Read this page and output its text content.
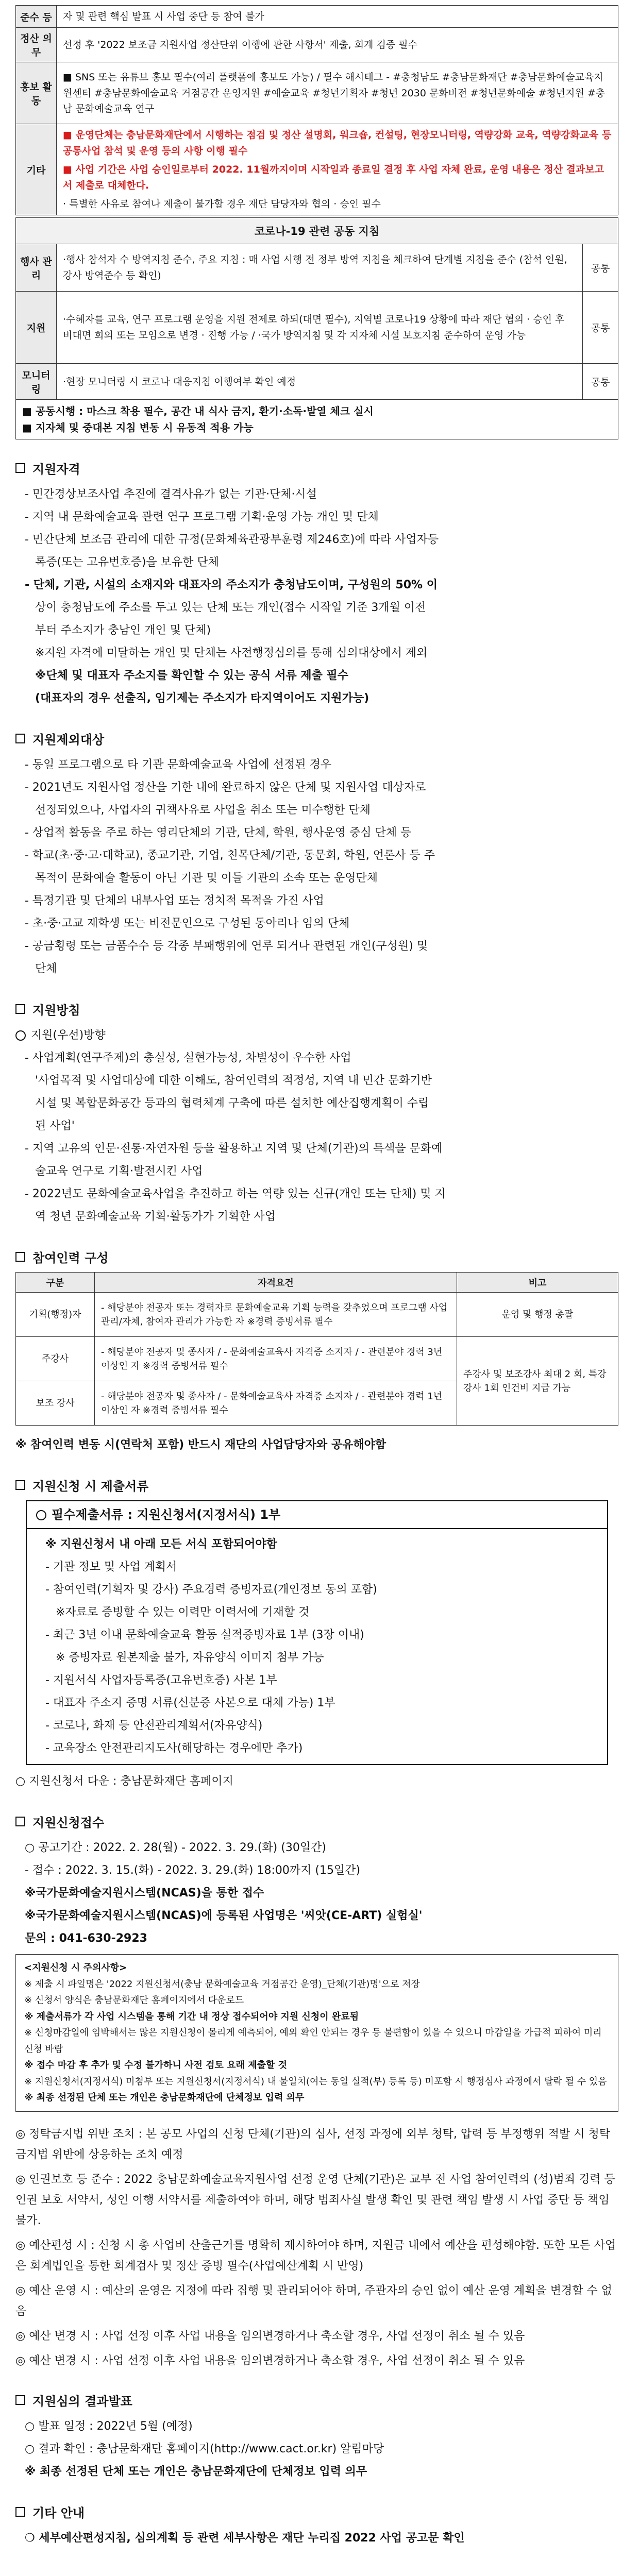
준수 등	자 및 관련 핵심 발표 시 사업 중단 등 참여 불가
정산 의무	선정 후 '2022 보조금 지원사업 정산단위 이행에 관한 사항서' 제출, 회계 검증 필수
홍보 활동	■ SNS 또는 유튜브 홍보 필수(여러 플랫폼에 홍보도 가능) / 필수 해시태그 - #충청남도 #충남문화재단 #충남문화예술교육지원센터 #충남문화예술교육 거점공간 운영지원 #예술교육 #청년기획자 #청년 2030 문화비전 #청년문화예술 #청년지원 #충남 문화예술교육 연구
기타	■ 운영단체는 충남문화재단에서 시행하는 점검 및 정산 설명회, 워크숍, 컨설팅, 현장모니터링, 역량강화 교육, 역량강화교육 등 공통사업 참석 및 운영 등의 사항 이행 필수
■ 사업 기간은 사업 승인일로부터 2022. 11월까지이며 시작일과 종료일 결정 후 사업 자체 완료, 운영 내용은 정산 결과보고서 제출로 대체한다.
· 특별한 사유로 참여나 제출이 불가할 경우 재단 담당자와 협의 · 승인 필수
코로나-19 관련 공동 지침		
행사 관리	·행사 참석자 수 방역지침 준수, 주요 지침 : 매 사업 시행 전 정부 방역 지침을 체크하여 단계별 지침을 준수 (참석 인원, 강사 방역준수 등 확인)	공통
지원	·수혜자를 교육, 연구 프로그램 운영을 지원 전제로 하되(대면 필수), 지역별 코로나19 상황에 따라 재단 협의 · 승인 후 비대면 회의 또는 모임으로 변경 · 진행 가능 / ·국가 방역지침 및 각 지자체 시설 보호지침 준수하여 운영 가능	공통
모니터링	·현장 모니터링 시 코로나 대응지침 이행여부 확인 예정	공통

■ 공동시행 : 마스크 착용 필수, 공간 내 식사 금지, 환기·소독·발열 체크 실시
■ 지자체 및 중대본 지침 변동 시 유동적 적용 가능		
지원자격
- 민간경상보조사업 추진에 결격사유가 없는 기관·단체·시설
- 지역 내 문화예술교육 관련 연구 프로그램 기획·운영 가능 개인 및 단체
- 민간단체 보조금 관리에 대한 규정(문화체육관광부훈령 제246호)에 따라 사업자등
록증(또는 고유번호증)을 보유한 단체
- 단체, 기관, 시설의 소재지와 대표자의 주소지가 충청남도이며, 구성원의 50% 이
상이 충청남도에 주소를 두고 있는 단체 또는 개인(접수 시작일 기준 3개월 이전
부터 주소지가 충남인 개인 및 단체)
※지원 자격에 미달하는 개인 및 단체는 사전행정심의를 통해 심의대상에서 제외
※단체 및 대표자 주소지를 확인할 수 있는 공식 서류 제출 필수
(대표자의 경우 선출직, 임기제는 주소지가 타지역이어도 지원가능)
지원제외대상
- 동일 프로그램으로 타 기관 문화예술교육 사업에 선정된 경우
- 2021년도 지원사업 정산을 기한 내에 완료하지 않은 단체 및 지원사업 대상자로
선정되었으나, 사업자의 귀책사유로 사업을 취소 또는 미수행한 단체
- 상업적 활동을 주로 하는 영리단체의 기관, 단체, 학원, 행사운영 중심 단체 등
- 학교(초·중·고·대학교), 종교기관, 기업, 친목단체/기관, 동문회, 학원, 언론사 등 주
목적이 문화예술 활동이 아닌 기관 및 이들 기관의 소속 또는 운영단체
- 특정기관 및 단체의 내부사업 또는 정치적 목적을 가진 사업
- 초·중·고교 재학생 또는 비전문인으로 구성된 동아리나 임의 단체
- 공금횡령 또는 금품수수 등 각종 부패행위에 연루 되거나 관련된 개인(구성원) 및
단체
지원방침
지원(우선)방향
- 사업계획(연구주제)의 충실성, 실현가능성, 차별성이 우수한 사업
'사업목적 및 사업대상에 대한 이해도, 참여인력의 적정성, 지역 내 민간 문화기반
시설 및 복합문화공간 등과의 협력체계 구축에 따른 설치한 예산집행계획이 수립
된 사업'
- 지역 고유의 인문·전통·자연자원 등을 활용하고 지역 및 단체(기관)의 특색을 문화예
술교육 연구로 기획·발전시킨 사업
- 2022년도 문화예술교육사업을 추진하고 하는 역량 있는 신규(개인 또는 단체) 및 지
역 청년 문화예술교육 기획·활동가가 기획한 사업
참여인력 구성
구분	자격요건	비고
기획(행정)자	- 해당분야 전공자 또는 경력자로 문화예술교육 기획 능력을 갖추었으며 프로그램 사업관리/자체, 참여자 관리가 가능한 자 ※경력 증빙서류 필수	운영 및 행정 총괄
주강사	- 해당분야 전공자 및 종사자 / - 문화예술교육사 자격증 소지자 / - 관련분야 경력 3년 이상인 자 ※경력 증빙서류 필수	주강사 및 보조강사 최대 2 회, 특강강사 1회 인건비 지급 가능
보조 강사	- 해당분야 전공자 및 종사자 / - 문화예술교육사 자격증 소지자 / - 관련분야 경력 1년 이상인 자 ※경력 증빙서류 필수	
※ 참여인력 변동 시(연락처 포함) 반드시 재단의 사업담당자와 공유해야함
지원신청 시 제출서류
필수제출서류 : 지원신청서(지정서식) 1부
※ 지원신청서 내 아래 모든 서식 포함되어야함
- 기관 정보 및 사업 계획서
- 참여인력(기획자 및 강사) 주요경력 증빙자료(개인정보 동의 포함)
※자료로 증빙할 수 있는 이력만 이력서에 기재할 것
- 최근 3년 이내 문화예술교육 활동 실적증빙자료 1부 (3장 이내)
※ 증빙자료 원본제출 불가, 자유양식 이미지 첨부 가능
- 지원서식 사업자등록증(고유번호증) 사본 1부
- 대표자 주소지 증명 서류(신분증 사본으로 대체 가능) 1부
- 코로나, 화재 등 안전관리계획서(자유양식)
- 교육장소 안전관리지도사(해당하는 경우에만 추가)
○ 지원신청서 다운 : 충남문화재단 홈페이지
지원신청접수
○ 공고기간 : 2022. 2. 28(월) - 2022. 3. 29.(화) (30일간)
- 접수 : 2022. 3. 15.(화) - 2022. 3. 29.(화) 18:00까지 (15일간)
※국가문화예술지원시스템(NCAS)을 통한 접수
※국가문화예술지원시스템(NCAS)에 등록된 사업명은 '씨앗(CE-ART) 실험실'
문의 : 041-630-2923
<지원신청 시 주의사항>
※ 제출 시 파일명은 '2022 지원신청서(충남 문화예술교육 거점공간 운영)_단체(기관)명'으로 저장
※ 신청서 양식은 충남문화재단 홈페이지에서 다운로드
※ 제출서류가 각 사업 시스템을 통해 기간 내 정상 접수되어야 지원 신청이 완료됨
※ 신청마감일에 임박해서는 많은 지원신청이 몰리게 예측되어, 예외 확인 안되는 경우 등 불편함이 있을 수 있으니 마감일을 가급적 피하여 미리 신청 바람
※ 접수 마감 후 추가 및 수정 불가하니 사전 검토 요래 제출할 것
※ 지원신청서(지정서식) 미첨부 또는 지원신청서(지정서식) 내 불일치(여는 동일 실적(부) 등록 등) 미포함 시 행정심사 과정에서 탈락 될 수 있음
※ 최종 선정된 단체 또는 개인은 충남문화재단에 단체정보 입력 의무
◎ 정탁금지법 위반 조치 : 본 공모 사업의 신청 단체(기관)의 심사, 선정 과정에 외부 청탁, 압력 등 부정행위 적발 시 청탁금지법 위반에 상응하는 조치 예정
◎ 인권보호 등 준수 : 2022 충남문화예술교육지원사업 선정 운영 단체(기관)은 교부 전 사업 참여인력의 (성)범죄 경력 등 인권 보호 서약서, 성인 이행 서약서를 제출하여야 하며, 해당 범죄사실 발생 확인 및 관련 책임 발생 시 사업 중단 등 책임 불가.
◎ 예산편성 시 : 신청 시 총 사업비 산출근거를 명확히 제시하여야 하며, 지원금 내에서 예산을 편성해야함. 또한 모든 사업은 회계법인을 통한 회계검사 및 정산 증빙 필수(사업예산계획 시 반영)
◎ 예산 운영 시 : 예산의 운영은 지정에 따라 집행 및 관리되어야 하며, 주관자의 승인 없이 예산 운영 계획을 변경할 수 없음
◎ 예산 변경 시 : 사업 선정 이후 사업 내용을 임의변경하거나 축소할 경우, 사업 선정이 취소 될 수 있음
◎ 예산 변경 시 : 사업 선정 이후 사업 내용을 임의변경하거나 축소할 경우, 사업 선정이 취소 될 수 있음
지원심의 결과발표
○ 발표 일정 : 2022년 5월 (예정)
○ 결과 확인 : 충남문화재단 홈페이지(http://www.cact.or.kr) 알림마당
※ 최종 선정된 단체 또는 개인은 충남문화재단에 단체정보 입력 의무
기타 안내
❍ 세부예산편성지침, 심의계획 등 관련 세부사항은 재단 누리집 2022 사업 공고문 확인
